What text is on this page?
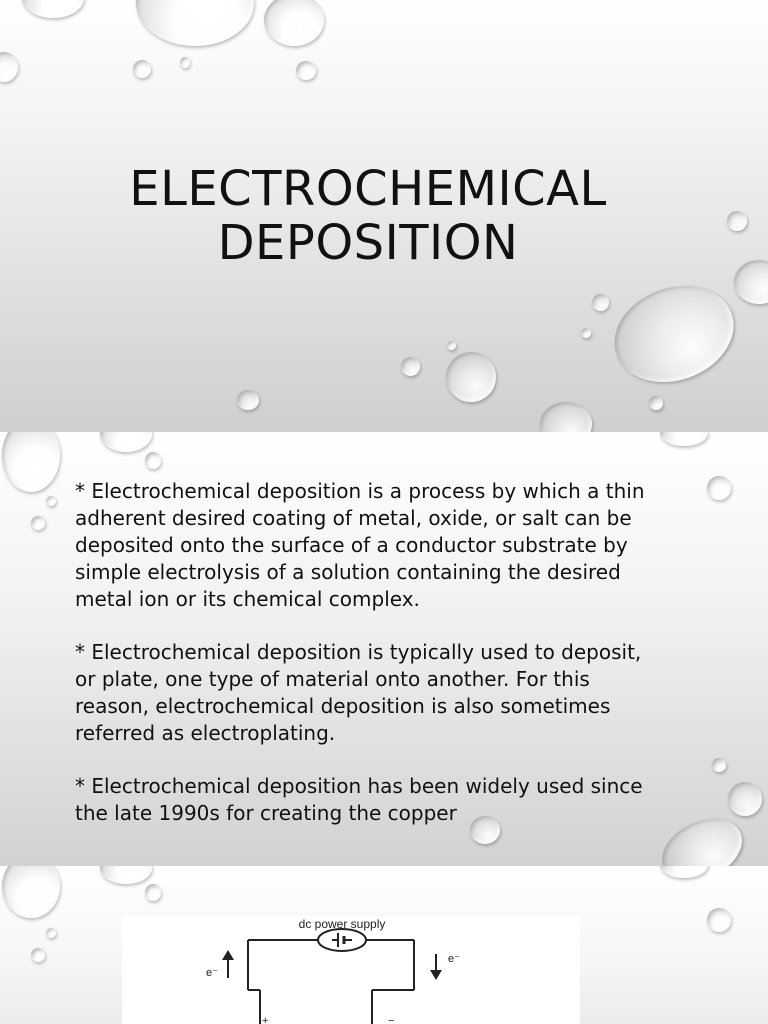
ELECTROCHEMICAL
DEPOSITION

* Electrochemical deposition is a process by which a thin adherent desired coating of metal, oxide, or salt can be deposited onto the surface of a conductor substrate by simple electrolysis of a solution containing the desired metal ion or its chemical complex.

* Electrochemical deposition is typically used to deposit, or plate, one type of material onto another. For this reason, electrochemical deposition is also sometimes referred as electroplating.

* Electrochemical deposition has been widely used since the late 1990s for creating the copper

dc power supply
e⁻
e⁻
+	−
